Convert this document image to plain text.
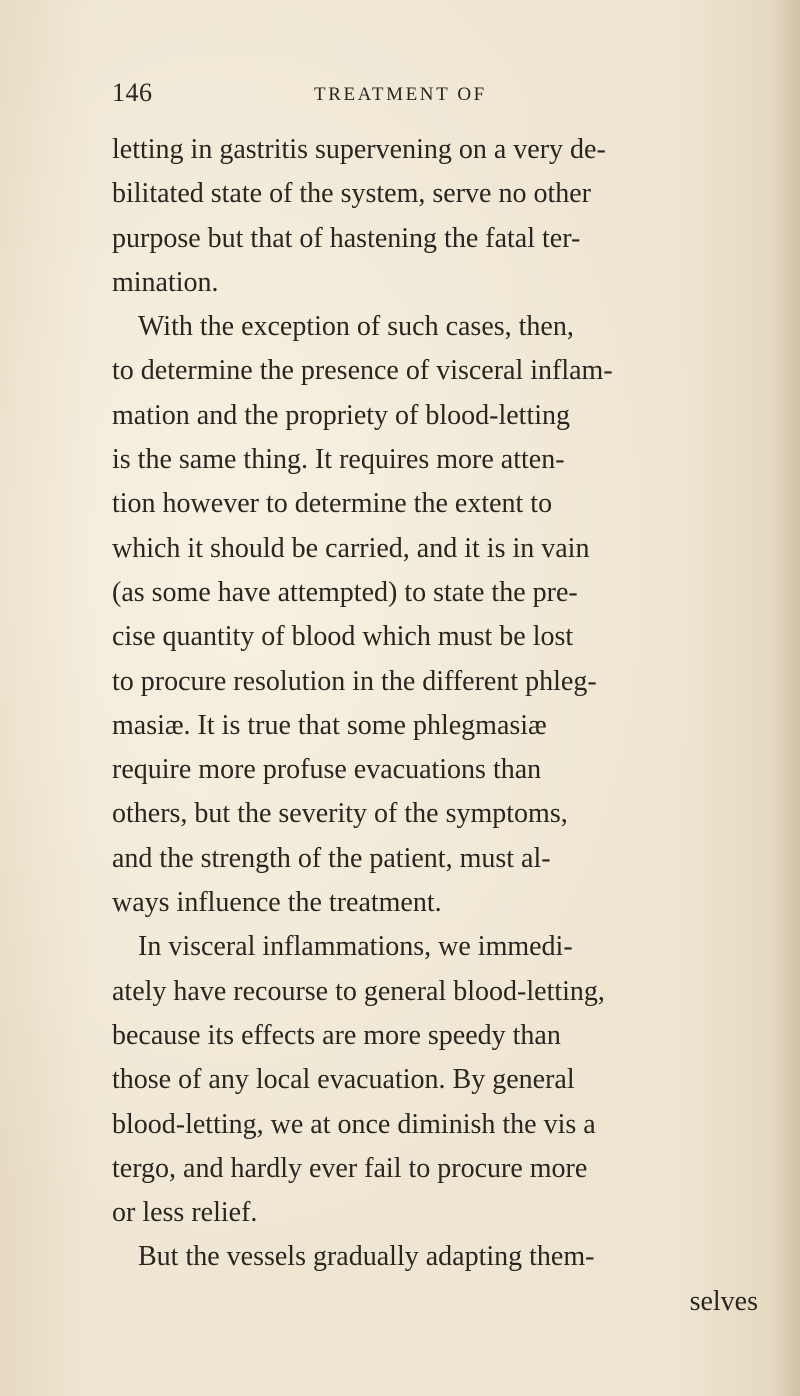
146	TREATMENT OF
letting in gastritis supervening on a very de-
bilitated state of the system, serve no other
purpose but that of hastening the fatal ter-
mination.
With the exception of such cases, then,
to determine the presence of visceral inflam-
mation and the propriety of blood-letting
is the same thing. It requires more atten-
tion however to determine the extent to
which it should be carried, and it is in vain
(as some have attempted) to state the pre-
cise quantity of blood which must be lost
to procure resolution in the different phleg-
masiæ. It is true that some phlegmasiæ
require more profuse evacuations than
others, but the severity of the symptoms,
and the strength of the patient, must al-
ways influence the treatment.
In visceral inflammations, we immedi-
ately have recourse to general blood-letting,
because its effects are more speedy than
those of any local evacuation. By general
blood-letting, we at once diminish the vis a
tergo, and hardly ever fail to procure more
or less relief.
But the vessels gradually adapting them-
selves
